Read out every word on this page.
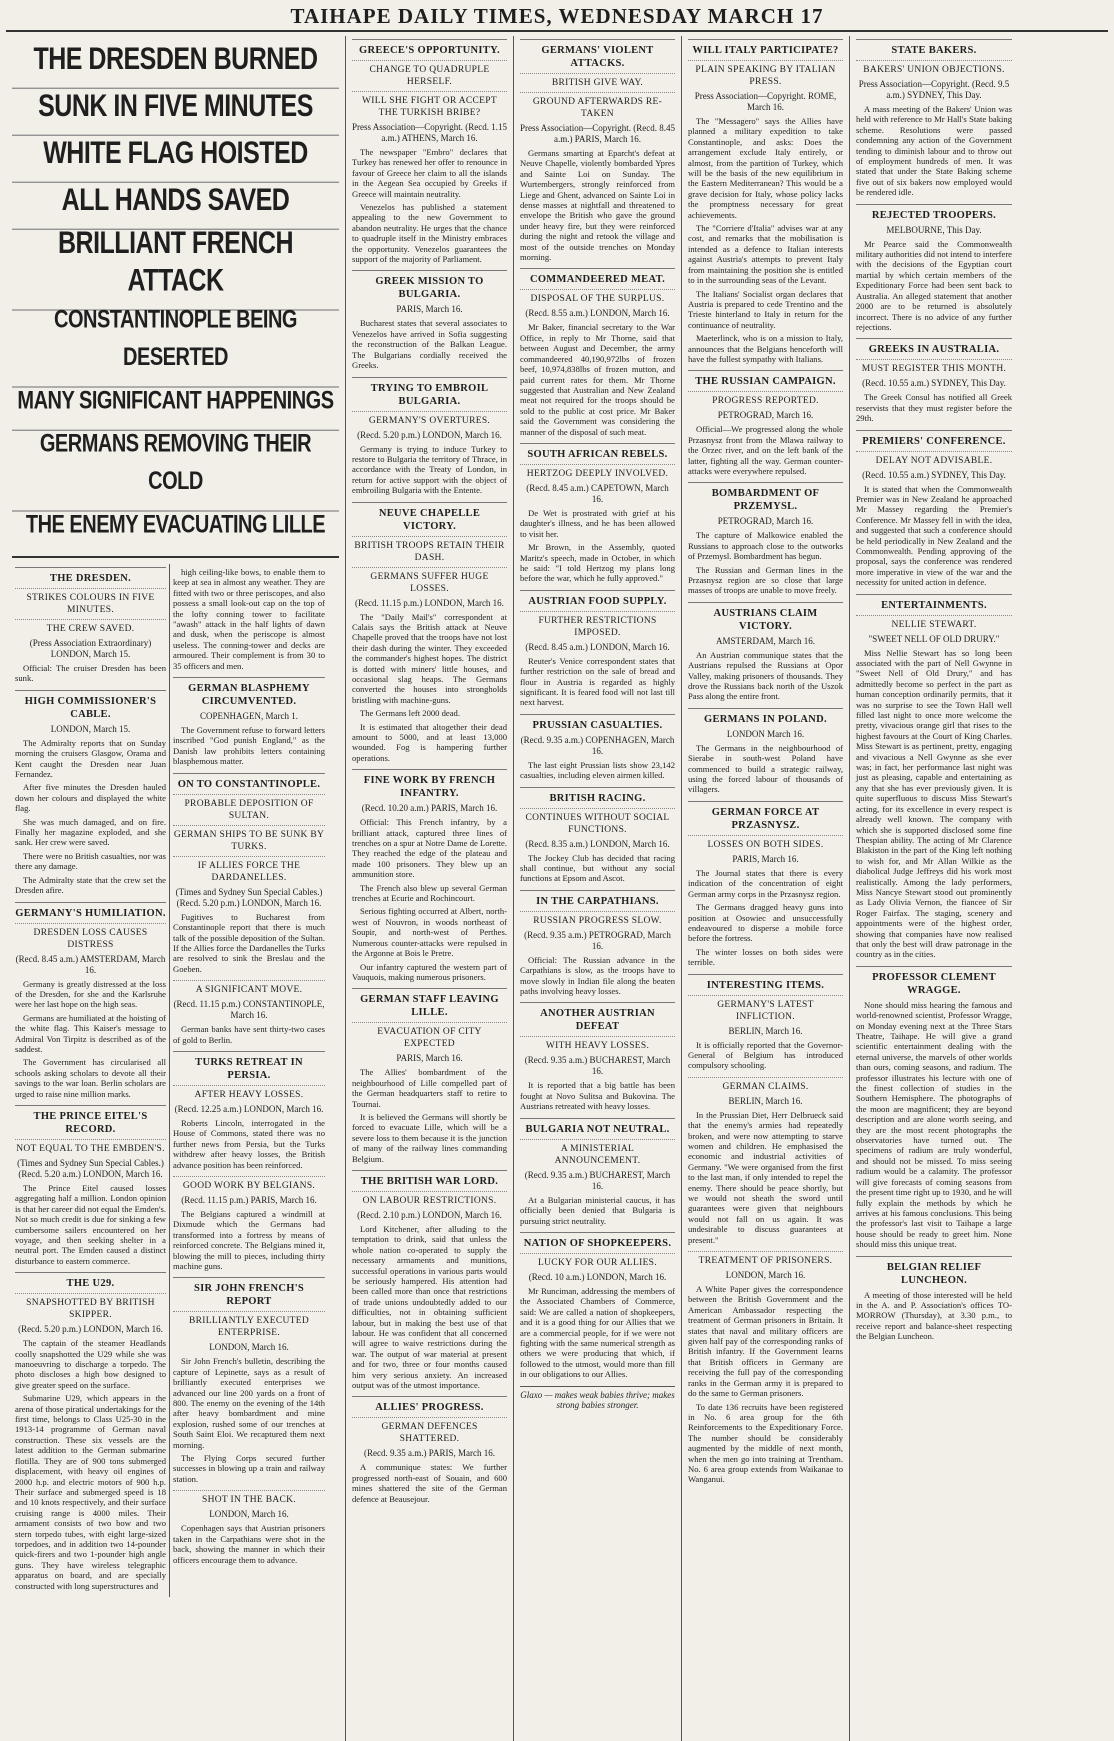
TAIHAPE DAILY TIMES, WEDNESDAY MARCH 17
THE DRESDEN BURNED
SUNK IN FIVE MINUTES
WHITE FLAG HOISTED
ALL HANDS SAVED
BRILLIANT FRENCH ATTACK
CONSTANTINOPLE BEING DESERTED
MANY SIGNIFICANT HAPPENINGS
GERMANS REMOVING THEIR COLD
THE ENEMY EVACUATING LILLE
THE DRESDEN.
STRIKES COLOURS IN FIVE MINUTES.
THE CREW SAVED.
(Press Association Extraordinary) LONDON, March 15.

Official: The cruiser Dresden has been sunk.

HIGH COMMISSIONER'S CABLE.
LONDON, March 15.

The Admiralty reports that on Sunday morning the cruisers Glasgow, Orama and Kent caught the Dresden near Juan Fernandez.

After five minutes the Dresden hauled down her colours and displayed the white flag.

She was much damaged, and on fire. Finally her magazine exploded, and she sank. Her crew were saved.

There were no British casualties, nor was there any damage.

The Admiralty state that the crew set the Dresden afire.

GERMANY'S HUMILIATION.
DRESDEN LOSS CAUSES DISTRESS
(Recd. 8.45 a.m.) AMSTERDAM, March 16.

Germany is greatly distressed at the loss of the Dresden, for she and the Karlsruhe were her last hope on the high seas.

Germans are humiliated at the hoisting of the white flag. This Kaiser's message to Admiral Von Tirpitz is described as of the saddest.

The Government has circularised all schools asking scholars to devote all their savings to the war loan. Berlin scholars are urged to raise nine million marks.

THE PRINCE EITEL'S RECORD.
NOT EQUAL TO THE EMBDEN'S.
(Times and Sydney Sun Special Cables.) (Recd. 5.20 a.m.) LONDON, March 16.

The Prince Eitel caused losses aggregating half a million. London opinion is that her career did not equal the Emden's. Not so much credit is due for sinking a few cumbersome sailers encountered on her voyage, and then seeking shelter in a neutral port. The Emden caused a distinct disturbance to eastern commerce.

THE U29.
SNAPSHOTTED BY BRITISH SKIPPER.
(Recd. 5.20 p.m.) LONDON, March 16.

The captain of the steamer Headlands coolly snapshotted the U29 while she was manoeuvring to discharge a torpedo. The photo discloses a high bow designed to give greater speed on the surface.

Submarine U29, which appears in the arena of those piratical undertakings for the first time, belongs to Class U25-30 in the 1913-14 programme of German naval construction. These six vessels are the latest addition to the German submarine flotilla. They are of 900 tons submerged displacement, with heavy oil engines of 2000 h.p. and electric motors of 900 h.p. Their surface and submerged speed is 18 and 10 knots respectively, and their surface cruising range is 4000 miles. Their armament consists of two bow and two stern torpedo tubes, with eight large-sized torpedoes, and in addition two 14-pounder quick-firers and two 1-pounder high angle guns. They have wireless telegraphic apparatus on board, and are specially constructed with long superstructures and

high ceiling-like bows, to enable them to keep at sea in almost any weather. They are fitted with two or three periscopes, and also possess a small look-out cap on the top of the lofty conning tower to facilitate "awash" attack in the half lights of dawn and dusk, when the periscope is almost useless. The conning-tower and decks are armoured. Their complement is from 30 to 35 officers and men.

GERMAN BLASPHEMY CIRCUMVENTED.
COPENHAGEN, March 1.

The Government refuse to forward letters inscribed "God punish England," as the Danish law prohibits letters containing blasphemous matter.

ON TO CONSTANTINOPLE.
PROBABLE DEPOSITION OF SULTAN.
GERMAN SHIPS TO BE SUNK BY TURKS.
IF ALLIES FORCE THE DARDANELLES.
(Times and Sydney Sun Special Cables.) (Recd. 5.20 p.m.) LONDON, March 16.

Fugitives to Bucharest from Constantinople report that there is much talk of the possible deposition of the Sultan. If the Allies force the Dardanelles the Turks are resolved to sink the Breslau and the Goeben.

A SIGNIFICANT MOVE.
(Recd. 11.15 p.m.) CONSTANTINOPLE, March 16.

German banks have sent thirty-two cases of gold to Berlin.

TURKS RETREAT IN PERSIA.
AFTER HEAVY LOSSES.
(Recd. 12.25 a.m.) LONDON, March 16.

Roberts Lincoln, interrogated in the House of Commons, stated there was no further news from Persia, but the Turks withdrew after heavy losses, the British advance position has been reinforced.

GOOD WORK BY BELGIANS.
(Recd. 11.15 p.m.) PARIS, March 16.

The Belgians captured a windmill at Dixmude which the Germans had transformed into a fortress by means of reinforced concrete. The Belgians mined it, blowing the mill to pieces, including thirty machine guns.

SIR JOHN FRENCH'S REPORT
BRILLIANTLY EXECUTED ENTERPRISE.
LONDON, March 16.

Sir John French's bulletin, describing the capture of Lepinette, says as a result of brilliantly executed enterprises we advanced our line 200 yards on a front of 800. The enemy on the evening of the 14th after heavy bombardment and mine explosion, rushed some of our trenches at South Saint Eloi. We recaptured them next morning.

The Flying Corps secured further successes in blowing up a train and railway station.

SHOT IN THE BACK.
LONDON, March 16.

Copenhagen says that Austrian prisoners taken in the Carpathians were shot in the back, showing the manner in which their officers encourage them to advance.

GREECE'S OPPORTUNITY.
CHANGE TO QUADRUPLE HERSELF.
WILL SHE FIGHT OR ACCEPT THE TURKISH BRIBE?
Press Association—Copyright. (Recd. 1.15 a.m.) ATHENS, March 16.

The newspaper "Embro" declares that Turkey has renewed her offer to renounce in favour of Greece her claim to all the islands in the Aegean Sea occupied by Greeks if Greece will maintain neutrality.

Venezelos has published a statement appealing to the new Government to abandon neutrality. He urges that the chance to quadruple itself in the Ministry embraces the opportunity. Venezelos guarantees the support of the majority of Parliament.

GREEK MISSION TO BULGARIA.
PARIS, March 16.

Bucharest states that several associates to Venezelos have arrived in Sofia suggesting the reconstruction of the Balkan League. The Bulgarians cordially received the Greeks.

TRYING TO EMBROIL BULGARIA.
GERMANY'S OVERTURES.
(Recd. 5.20 p.m.) LONDON, March 16.

Germany is trying to induce Turkey to restore to Bulgaria the territory of Thrace, in accordance with the Treaty of London, in return for active support with the object of embroiling Bulgaria with the Entente.

NEUVE CHAPELLE VICTORY.
BRITISH TROOPS RETAIN THEIR DASH.
GERMANS SUFFER HUGE LOSSES.
(Recd. 11.15 p.m.) LONDON, March 16.

The "Daily Mail's" correspondent at Calais says the British attack at Neuve Chapelle proved that the troops have not lost their dash during the winter. They exceeded the commander's highest hopes. The district is dotted with miners' little houses, and occasional slag heaps. The Germans converted the houses into strongholds bristling with machine-guns.

The Germans left 2000 dead.

It is estimated that altogether their dead amount to 5000, and at least 13,000 wounded. Fog is hampering further operations.

FINE WORK BY FRENCH INFANTRY.
(Recd. 10.20 a.m.) PARIS, March 16.

Official: This French infantry, by a brilliant attack, captured three lines of trenches on a spur at Notre Dame de Lorette. They reached the edge of the plateau and made 100 prisoners. They blew up an ammunition store.

The French also blew up several German trenches at Ecurie and Rochincourt.

Serious fighting occurred at Albert, north-west of Nouvron, in woods northeast of Soupir, and north-west of Perthes. Numerous counter-attacks were repulsed in the Argonne at Bois le Pretre.

Our infantry captured the western part of Vauquois, making numerous prisoners.

GERMAN STAFF LEAVING LILLE.
EVACUATION OF CITY EXPECTED
PARIS, March 16.

The Allies' bombardment of the neighbourhood of Lille compelled part of the German headquarters staff to retire to Tournai.

It is believed the Germans will shortly be forced to evacuate Lille, which will be a severe loss to them because it is the junction of many of the railway lines commanding Belgium.

THE BRITISH WAR LORD.
ON LABOUR RESTRICTIONS.
(Recd. 2.10 p.m.) LONDON, March 16.

Lord Kitchener, after alluding to the temptation to drink, said that unless the whole nation co-operated to supply the necessary armaments and munitions, successful operations in various parts would be seriously hampered. His attention had been called more than once that restrictions of trade unions undoubtedly added to our difficulties, not in obtaining sufficient labour, but in making the best use of that labour. He was confident that all concerned will agree to waive restrictions during the war. The output of war material at present and for two, three or four months caused him very serious anxiety. An increased output was of the utmost importance.

ALLIES' PROGRESS.
GERMAN DEFENCES SHATTERED.
(Recd. 9.35 a.m.) PARIS, March 16.

A communique states: We further progressed north-east of Souain, and 600 mines shattered the site of the German defence at Beausejour.

GERMANS' VIOLENT ATTACKS.
BRITISH GIVE WAY.
GROUND AFTERWARDS RE-TAKEN
Press Association—Copyright. (Recd. 8.45 a.m.) PARIS, March 16.

Germans smarting at Eparcht's defeat at Neuve Chapelle, violently bombarded Ypres and Sainte Loi on Sunday. The Wurtembergers, strongly reinforced from Liege and Ghent, advanced on Sainte Loi in dense masses at nightfall and threatened to envelope the British who gave the ground under heavy fire, but they were reinforced during the night and retook the village and most of the outside trenches on Monday morning.

COMMANDEERED MEAT.
DISPOSAL OF THE SURPLUS.
(Recd. 8.55 a.m.) LONDON, March 16.

Mr Baker, financial secretary to the War Office, in reply to Mr Thorne, said that between August and December, the army commandeered 40,190,972lbs of frozen beef, 10,974,838lbs of frozen mutton, and paid current rates for them. Mr Thorne suggested that Australian and New Zealand meat not required for the troops should be sold to the public at cost price. Mr Baker said the Government was considering the manner of the disposal of such meat.

SOUTH AFRICAN REBELS.
HERTZOG DEEPLY INVOLVED.
(Recd. 8.45 a.m.) CAPETOWN, March 16.

De Wet is prostrated with grief at his daughter's illness, and he has been allowed to visit her.

Mr Brown, in the Assembly, quoted Maritz's speech, made in October, in which he said: "I told Hertzog my plans long before the war, which he fully approved."

AUSTRIAN FOOD SUPPLY.
FURTHER RESTRICTIONS IMPOSED.
(Recd. 8.45 a.m.) LONDON, March 16.

Reuter's Venice correspondent states that further restriction on the sale of bread and flour in Austria is regarded as highly significant. It is feared food will not last till next harvest.

PRUSSIAN CASUALTIES.
(Recd. 9.35 a.m.) COPENHAGEN, March 16.

The last eight Prussian lists show 23,142 casualties, including eleven airmen killed.

BRITISH RACING.
CONTINUES WITHOUT SOCIAL FUNCTIONS.
(Recd. 8.35 a.m.) LONDON, March 16.

The Jockey Club has decided that racing shall continue, but without any social functions at Epsom and Ascot.

IN THE CARPATHIANS.
RUSSIAN PROGRESS SLOW.
(Recd. 9.35 a.m.) PETROGRAD, March 16.

Official: The Russian advance in the Carpathians is slow, as the troops have to move slowly in Indian file along the beaten paths involving heavy losses.

ANOTHER AUSTRIAN DEFEAT
WITH HEAVY LOSSES.
(Recd. 9.35 a.m.) BUCHAREST, March 16.

It is reported that a big battle has been fought at Novo Sulitsa and Bukovina. The Austrians retreated with heavy losses.

BULGARIA NOT NEUTRAL.
A MINISTERIAL ANNOUNCEMENT.
(Recd. 9.35 a.m.) BUCHAREST, March 16.

At a Bulgarian ministerial caucus, it has officially been denied that Bulgaria is pursuing strict neutrality.

NATION OF SHOPKEEPERS.
LUCKY FOR OUR ALLIES.
(Recd. 10 a.m.) LONDON, March 16.

Mr Runciman, addressing the members of the Associated Chambers of Commerce, said: We are called a nation of shopkeepers, and it is a good thing for our Allies that we are a commercial people, for if we were not fighting with the same numerical strength as others we were producing that which, if followed to the utmost, would more than fill in our obligations to our Allies.

Glaxo — makes weak babies thrive; makes strong babies stronger.
WILL ITALY PARTICIPATE?
PLAIN SPEAKING BY ITALIAN PRESS.
Press Association—Copyright. ROME, March 16.

The "Messagero" says the Allies have planned a military expedition to take Constantinople, and asks: Does the arrangement exclude Italy entirely, or almost, from the partition of Turkey, which will be the basis of the new equilibrium in the Eastern Mediterranean? This would be a grave decision for Italy, whose policy lacks the promptness necessary for great achievements.

The "Corriere d'Italia" advises war at any cost, and remarks that the mobilisation is intended as a defence to Italian interests against Austria's attempts to prevent Italy from maintaining the position she is entitled to in the surrounding seas of the Levant.

The Italians' Socialist organ declares that Austria is prepared to cede Trentino and the Trieste hinterland to Italy in return for the continuance of neutrality.

Maeterlinck, who is on a mission to Italy, announces that the Belgians henceforth will have the fullest sympathy with Italians.

THE RUSSIAN CAMPAIGN.
PROGRESS REPORTED.
PETROGRAD, March 16.

Official—We progressed along the whole Przasnysz front from the Mlawa railway to the Orzec river, and on the left bank of the latter, fighting all the way. German counter-attacks were everywhere repulsed.

BOMBARDMENT OF PRZEMYSL.
PETROGRAD, March 16.

The capture of Malkowice enabled the Russians to approach close to the outworks of Przemysl. Bombardment has begun.

The Russian and German lines in the Przasnysz region are so close that large masses of troops are unable to move freely.

AUSTRIANS CLAIM VICTORY.
AMSTERDAM, March 16.

An Austrian communique states that the Austrians repulsed the Russians at Opor Valley, making prisoners of thousands. They drove the Russians back north of the Uszok Pass along the entire front.

GERMANS IN POLAND.
LONDON March 16.

The Germans in the neighbourhood of Sierabe in south-west Poland have commenced to build a strategic railway, using the forced labour of thousands of villagers.

GERMAN FORCE AT PRZASNYSZ.
LOSSES ON BOTH SIDES.
PARIS, March 16.

The Journal states that there is every indication of the concentration of eight German army corps in the Przasnysz region.

The Germans dragged heavy guns into position at Osowiec and unsuccessfully endeavoured to disperse a mobile force before the fortress.

The winter losses on both sides were terrible.

INTERESTING ITEMS.
GERMANY'S LATEST INFLICTION.
BERLIN, March 16.

It is officially reported that the Governor-General of Belgium has introduced compulsory schooling.

GERMAN CLAIMS.
BERLIN, March 16.

In the Prussian Diet, Herr Delbrueck said that the enemy's armies had repeatedly broken, and were now attempting to starve women and children. He emphasised the economic and industrial activities of Germany. "We were organised from the first to the last man, if only intended to repel the enemy. There should be peace shortly, but we would not sheath the sword until guarantees were given that neighbours would not fall on us again. It was undesirable to discuss guarantees at present."

TREATMENT OF PRISONERS.
LONDON, March 16.

A White Paper gives the correspondence between the British Government and the American Ambassador respecting the treatment of German prisoners in Britain. It states that naval and military officers are given half pay of the corresponding ranks of British infantry. If the Government learns that British officers in Germany are receiving the full pay of the corresponding ranks in the German army it is prepared to do the same to German prisoners.

To date 136 recruits have been registered in No. 6 area group for the 6th Reinforcements to the Expeditionary Force. The number should be considerably augmented by the middle of next month, when the men go into training at Trentham. No. 6 area group extends from Waikanae to Wanganui.

STATE BAKERS.
BAKERS' UNION OBJECTIONS.
Press Association—Copyright. (Recd. 9.5 a.m.) SYDNEY, This Day.

A mass meeting of the Bakers' Union was held with reference to Mr Hall's State baking scheme. Resolutions were passed condemning any action of the Government tending to diminish labour and to throw out of employment hundreds of men. It was stated that under the State Baking scheme five out of six bakers now employed would be rendered idle.

REJECTED TROOPERS.
MELBOURNE, This Day.

Mr Pearce said the Commonwealth military authorities did not intend to interfere with the decisions of the Egyptian court martial by which certain members of the Expeditionary Force had been sent back to Australia. An alleged statement that another 2000 are to be returned is absolutely incorrect. There is no advice of any further rejections.

GREEKS IN AUSTRALIA.
MUST REGISTER THIS MONTH.
(Recd. 10.55 a.m.) SYDNEY, This Day.

The Greek Consul has notified all Greek reservists that they must register before the 29th.

PREMIERS' CONFERENCE.
DELAY NOT ADVISABLE.
(Recd. 10.55 a.m.) SYDNEY, This Day.

It is stated that when the Commonwealth Premier was in New Zealand he approached Mr Massey regarding the Premier's Conference. Mr Massey fell in with the idea, and suggested that such a conference should be held periodically in New Zealand and the Commonwealth. Pending approving of the proposal, says the conference was rendered more imperative in view of the war and the necessity for united action in defence.

ENTERTAINMENTS.
NELLIE STEWART.
"SWEET NELL OF OLD DRURY."

Miss Nellie Stewart has so long been associated with the part of Nell Gwynne in "Sweet Nell of Old Drury," and has admittedly become so perfect in the part as human conception ordinarily permits, that it was no surprise to see the Town Hall well filled last night to once more welcome the pretty, vivacious orange girl that rises to the highest favours at the Court of King Charles. Miss Stewart is as pertinent, pretty, engaging and vivacious a Nell Gwynne as she ever was; in fact, her performance last night was just as pleasing, capable and entertaining as any that she has ever previously given. It is quite superfluous to discuss Miss Stewart's acting, for its excellence in every respect is already well known. The company with which she is supported disclosed some fine Thespian ability. The acting of Mr Clarence Blakiston in the part of the King left nothing to wish for, and Mr Allan Wilkie as the diabolical Judge Jeffreys did his work most realistically. Among the lady performers, Miss Nancye Stewart stood out prominently as Lady Olivia Vernon, the fiancee of Sir Roger Fairfax. The staging, scenery and appointments were of the highest order, showing that companies have now realised that only the best will draw patronage in the country as in the cities.

PROFESSOR CLEMENT WRAGGE.

None should miss hearing the famous and world-renowned scientist, Professor Wragge, on Monday evening next at the Three Stars Theatre, Taihape. He will give a grand scientific entertainment dealing with the eternal universe, the marvels of other worlds than ours, coming seasons, and radium. The professor illustrates his lecture with one of the finest collection of studies in the Southern Hemisphere. The photographs of the moon are magnificent; they are beyond description and are alone worth seeing, and they are the most recent photographs the observatories have turned out. The specimens of radium are truly wonderful, and should not be missed. To miss seeing radium would be a calamity. The professor will give forecasts of coming seasons from the present time right up to 1930, and he will fully explain the methods by which he arrives at his famous conclusions. This being the professor's last visit to Taihape a large house should be ready to greet him. None should miss this unique treat.

BELGIAN RELIEF LUNCHEON.

A meeting of those interested will be held in the A. and P. Association's offices TO-MORROW (Thursday), at 3.30 p.m., to receive report and balance-sheet respecting the Belgian Luncheon.
